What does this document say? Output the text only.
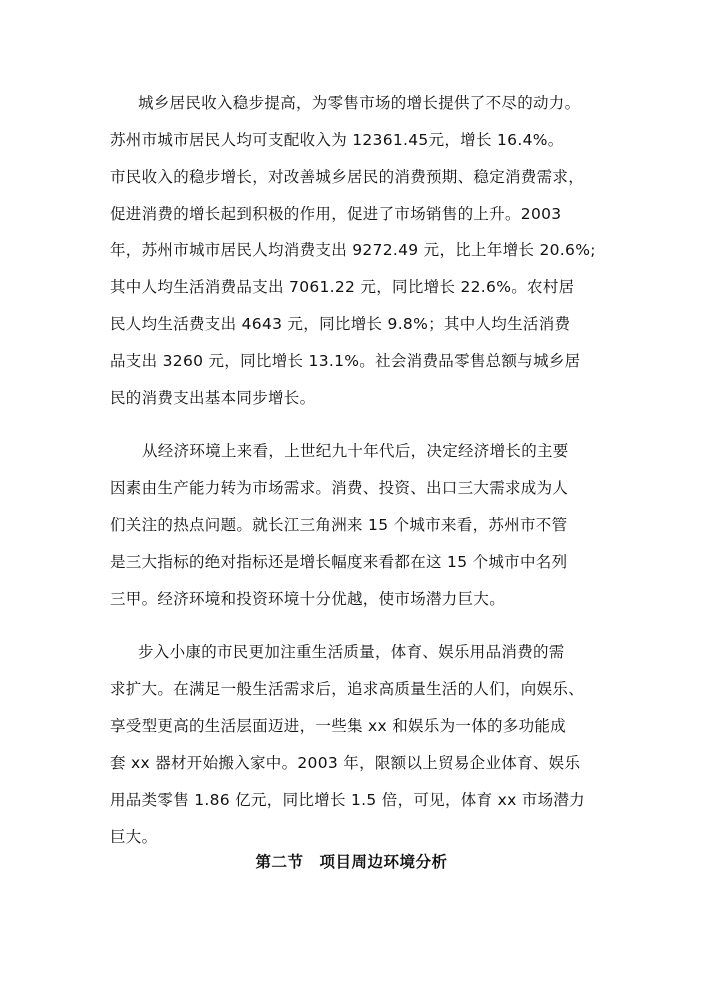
城乡居民收入稳步提高，为零售市场的增长提供了不尽的动力。
苏州市城市居民人均可支配收入为 12361.45元，增长 16.4%。
市民收入的稳步增长，对改善城乡居民的消费预期、稳定消费需求，
促进消费的增长起到积极的作用，促进了市场销售的上升。2003
年，苏州市城市居民人均消费支出 9272.49 元，比上年增长 20.6%;
其中人均生活消费品支出 7061.22 元，同比增长 22.6%。农村居
民人均生活费支出 4643 元，同比增长 9.8%；其中人均生活消费
品支出 3260 元，同比增长 13.1%。社会消费品零售总额与城乡居
民的消费支出基本同步增长。
从经济环境上来看，上世纪九十年代后，决定经济增长的主要
因素由生产能力转为市场需求。消费、投资、出口三大需求成为人
们关注的热点问题。就长江三角洲来 15 个城市来看，苏州市不管
是三大指标的绝对指标还是增长幅度来看都在这 15 个城市中名列
三甲。经济环境和投资环境十分优越，使市场潜力巨大。
步入小康的市民更加注重生活质量，体育、娱乐用品消费的需
求扩大。在满足一般生活需求后，追求高质量生活的人们，向娱乐、
享受型更高的生活层面迈进，一些集 xx 和娱乐为一体的多功能成
套 xx 器材开始搬入家中。2003 年，限额以上贸易企业体育、娱乐
用品类零售 1.86 亿元，同比增长 1.5 倍，可见，体育 xx 市场潜力
巨大。
第二节　项目周边环境分析
